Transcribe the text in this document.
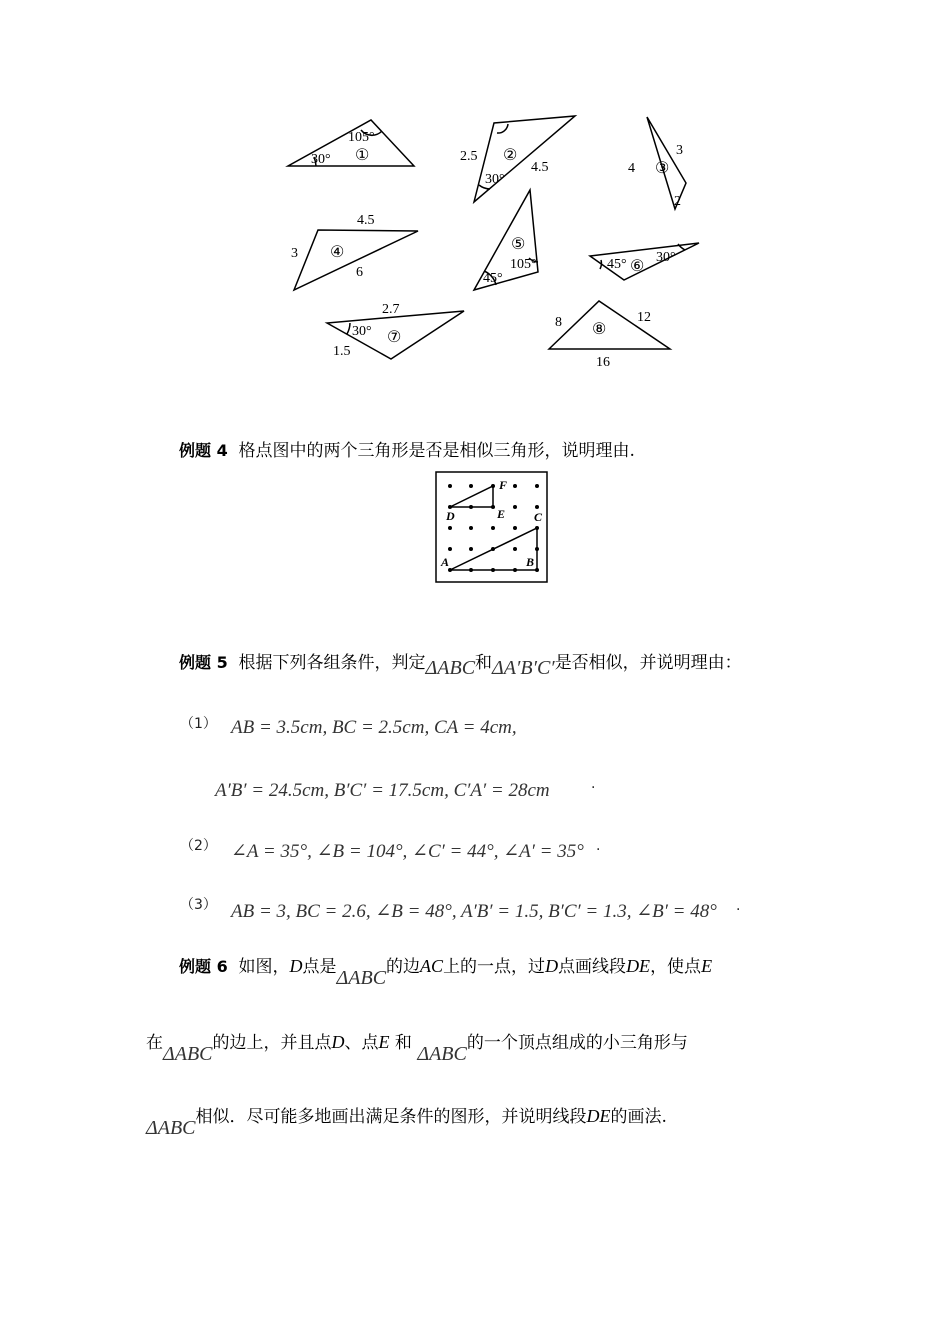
105°
30° ①	2.5
4.5
30°
②
4
3
2
③
4.5
3
6
④
105°
45°
⑤
45° 30°
⑥
2.7
1.5
30° ⑦
8	12
16
⑧
例题 4 格点图中的两个三角形是否是相似三角形，说明理由.
F
D	E C
A	B
例题 5 根据下列各组条件，判定ΔABC和ΔA′B′C′是否相似，并说明理由：
（1） AB = 3.5cm, BC = 2.5cm, CA = 4cm,
A′B′ = 24.5cm, B′C′ = 17.5cm, C′A′ = 28cm	·
（2） ∠A = 35°, ∠B = 104°, ∠C′ = 44°, ∠A′ = 35° ·
（3） AB = 3, BC = 2.6, ∠B = 48°, A′B′ = 1.5, B′C′ = 1.3, ∠B′ = 48° ·
例题 6 如图，D点是ΔABC的边AC上的一点，过D点画线段DE，使点E
在ΔABC的边上，并且点D、点E 和 ΔABC的一个顶点组成的小三角形与
ΔABC相似．尽可能多地画出满足条件的图形，并说明线段DE的画法.
